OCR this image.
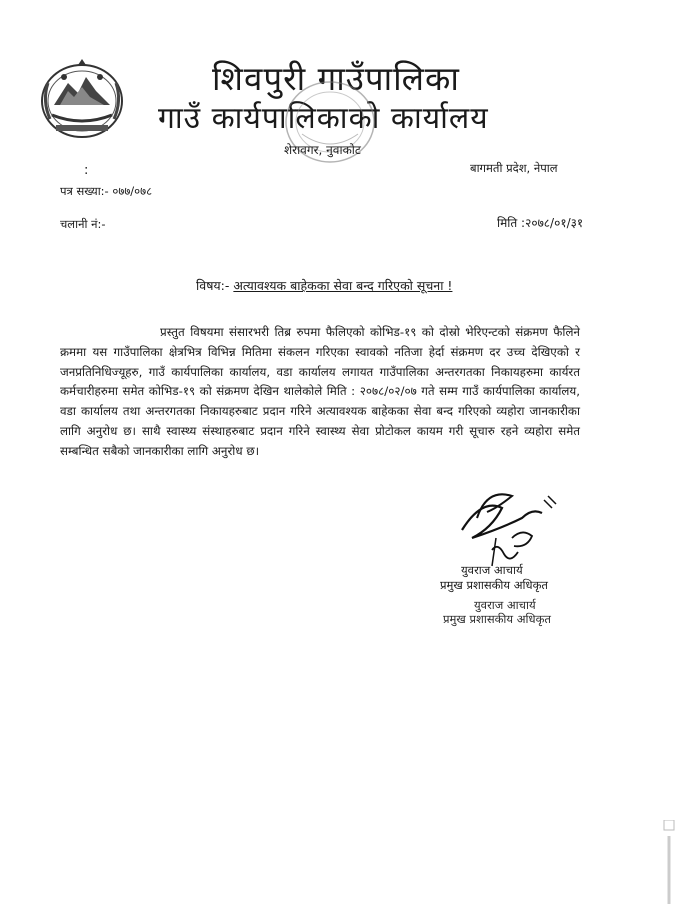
शिवपुरी गाउँपालिका
गाउँ कार्यपालिकाको कार्यालय
शेरावगर, नुवाकोट
:	बागमती प्रदेश, नेपाल
पत्र सख्या:- ०७७/०७८
चलानी नं:-	मिति :२०७८/०१/३१
विषय:- अत्यावश्यक बाहेकका सेवा बन्द गरिएको सूचना !
प्रस्तुत विषयमा संसारभरी तिब्र रुपमा फैलिएको कोभिड-१९ को दोस्रो भेरिएन्टको संक्रमण फैलिने क्रममा यस गाउँपालिका क्षेत्रभित्र विभिन्न मितिमा संकलन गरिएका स्वावको नतिजा हेर्दा संक्रमण दर उच्च देखिएको र जनप्रतिनिधिज्यूहरु, गाउँ कार्यपालिका कार्यालय, वडा कार्यालय लगायत गाउँपालिका अन्तरगतका निकायहरुमा कार्यरत कर्मचारीहरुमा समेत कोभिड-१९ को संक्रमण देखिन थालेकोले मिति : २०७८/०२/०७ गते सम्म गाउँ कार्यपालिका कार्यालय, वडा कार्यालय तथा अन्तरगतका निकायहरुबाट प्रदान गरिने अत्यावश्यक बाहेकका सेवा बन्द गरिएको व्यहोरा जानकारीका लागि अनुरोध छ। साथै स्वास्थ्य संस्थाहरुबाट प्रदान गरिने स्वास्थ्य सेवा प्रोटोकल कायम गरी सूचारु रहने व्यहोरा समेत सम्बन्धित सबैको जानकारीका लागि अनुरोध छ।
युवराज आचार्य
प्रमुख प्रशासकीय अधिकृत
युवराज आचार्य
प्रमुख प्रशासकीय अधिकृत
